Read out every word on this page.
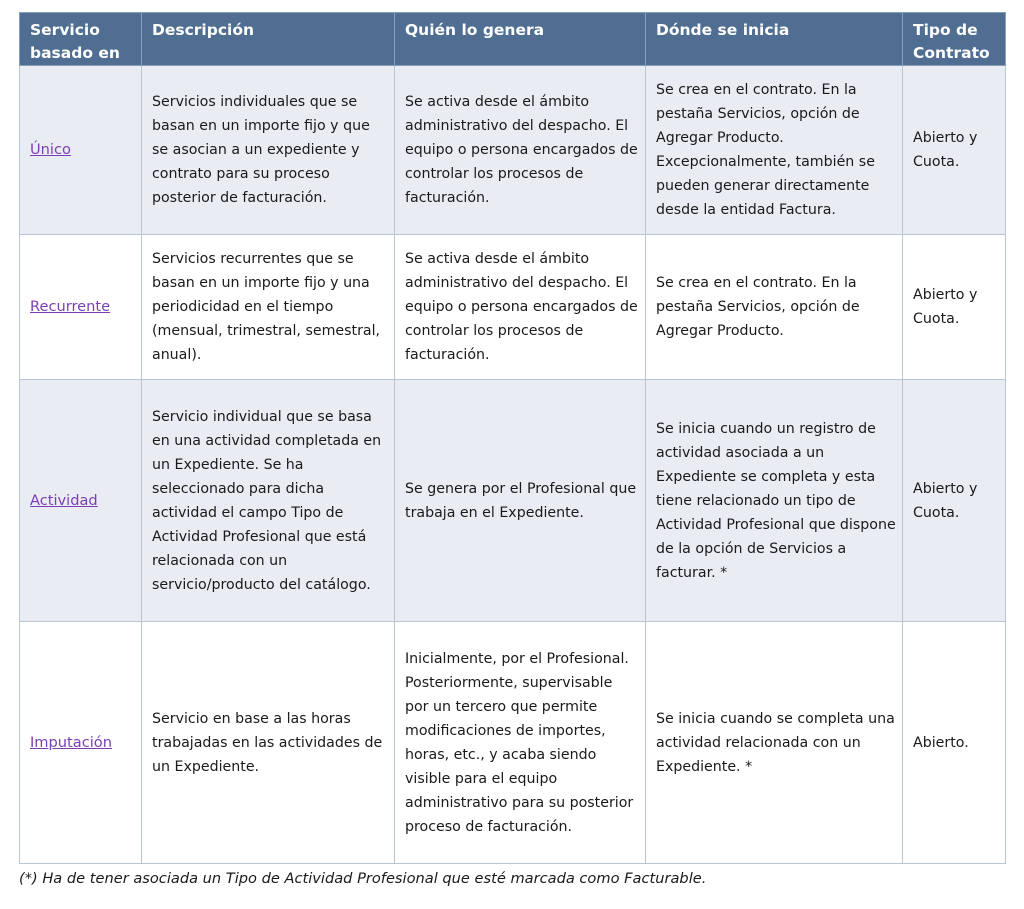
Servicio basado en	Descripción	Quién lo genera	Dónde se inicia	Tipo de Contrato
Único	Servicios individuales que se basan en un importe fijo y que se asocian a un expediente y contrato para su proceso posterior de facturación.	Se activa desde el ámbito administrativo del despacho. El equipo o persona encargados de controlar los procesos de facturación.	Se crea en el contrato. En la pestaña Servicios, opción de Agregar Producto. Excepcionalmente, también se pueden generar directamente desde la entidad Factura.	Abierto y Cuota.
Recurrente	Servicios recurrentes que se basan en un importe fijo y una periodicidad en el tiempo (mensual, trimestral, semestral, anual).	Se activa desde el ámbito administrativo del despacho. El equipo o persona encargados de controlar los procesos de facturación.	Se crea en el contrato. En la pestaña Servicios, opción de Agregar Producto.	Abierto y Cuota.
Actividad	Servicio individual que se basa en una actividad completada en un Expediente. Se ha seleccionado para dicha actividad el campo Tipo de Actividad Profesional que está relacionada con un servicio/producto del catálogo.	Se genera por el Profesional que trabaja en el Expediente.	Se inicia cuando un registro de actividad asociada a un Expediente se completa y esta tiene relacionado un tipo de Actividad Profesional que dispone de la opción de Servicios a facturar. *	Abierto y Cuota.
Imputación	Servicio en base a las horas trabajadas en las actividades de un Expediente.	Inicialmente, por el Profesional. Posteriormente, supervisable por un tercero que permite modificaciones de importes, horas, etc., y acaba siendo visible para el equipo administrativo para su posterior proceso de facturación.	Se inicia cuando se completa una actividad relacionada con un Expediente. *	Abierto.
(*) Ha de tener asociada un Tipo de Actividad Profesional que esté marcada como Facturable.
